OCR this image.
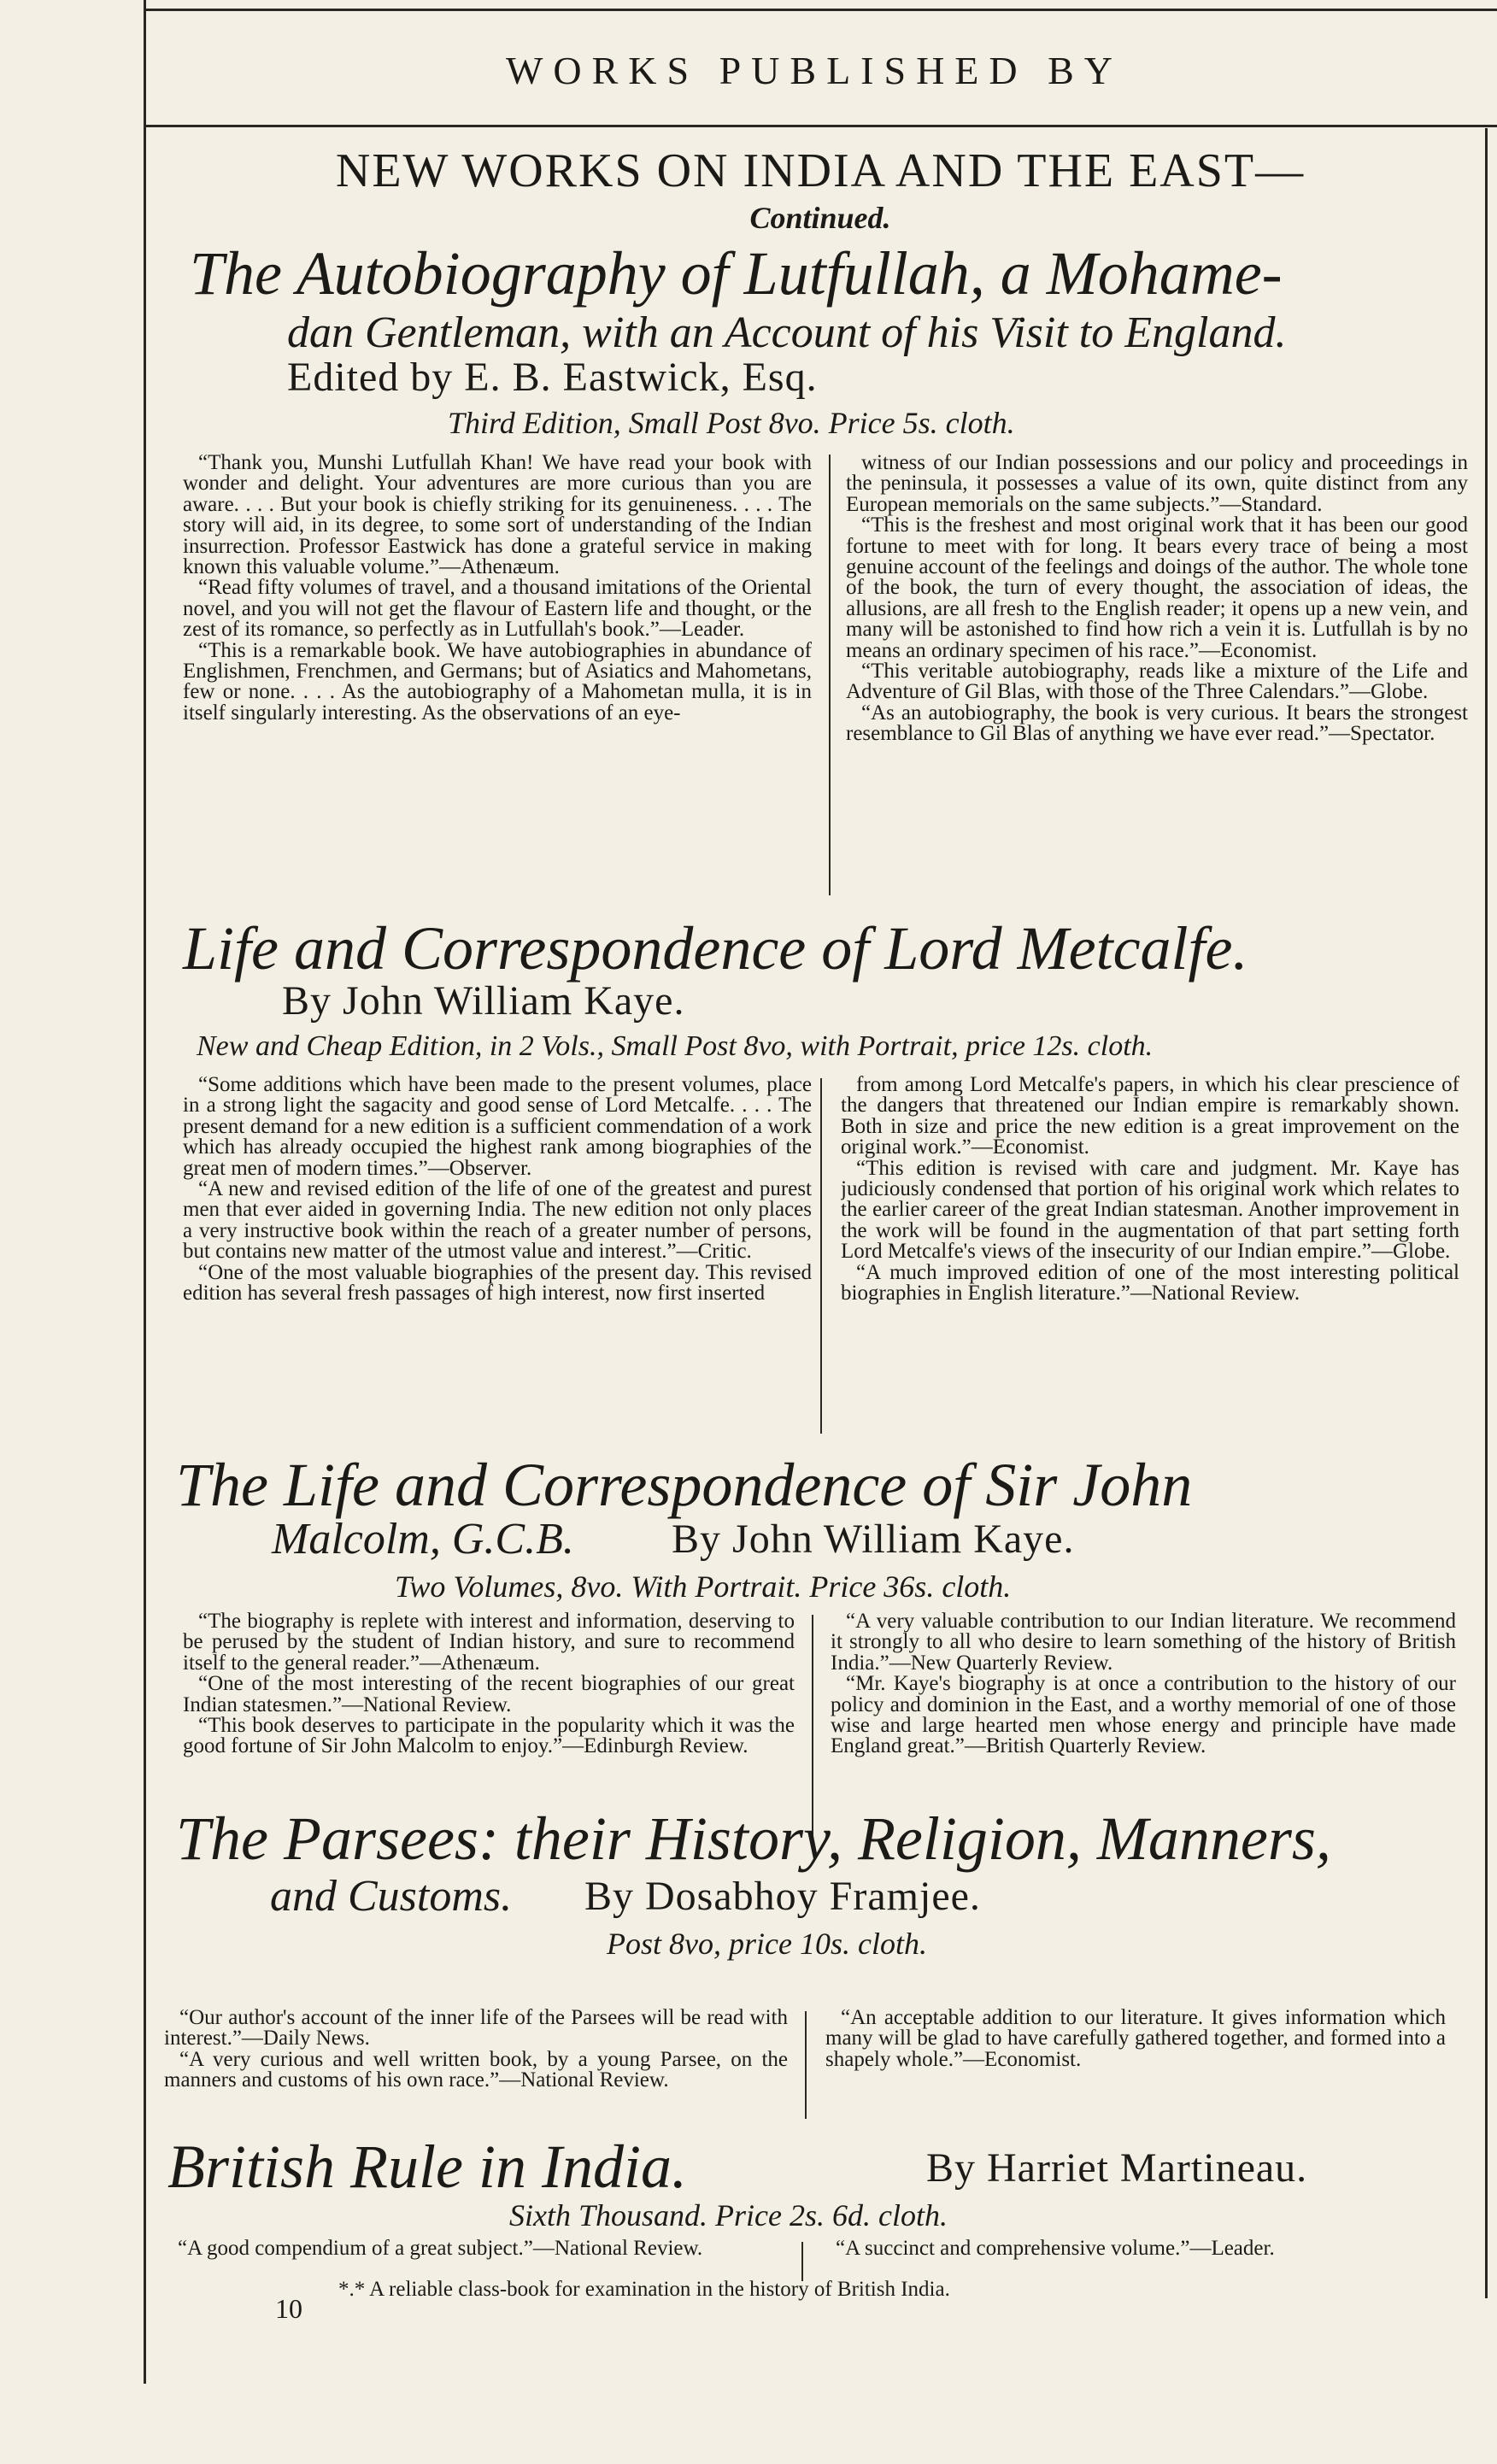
WORKS PUBLISHED BY
NEW WORKS ON INDIA AND THE EAST—
Continued.
The Autobiography of Lutfullah, a Mohame-
dan Gentleman, with an Account of his Visit to England.
Edited by E. B. Eastwick, Esq.
Third Edition, Small Post 8vo. Price 5s. cloth.

“Thank you, Munshi Lutfullah Khan! We have read your book with wonder and delight. Your adventures are more curious than you are aware. . . . But your book is chiefly striking for its genuineness. . . . The story will aid, in its degree, to some sort of understanding of the Indian insurrection. Professor Eastwick has done a grateful service in making known this valuable volume.”—Athenæum.

“Read fifty volumes of travel, and a thousand imitations of the Oriental novel, and you will not get the flavour of Eastern life and thought, or the zest of its romance, so perfectly as in Lutfullah's book.”—Leader.

“This is a remarkable book. We have autobiographies in abundance of Englishmen, Frenchmen, and Germans; but of Asiatics and Mahometans, few or none. . . . As the autobiography of a Mahometan mulla, it is in itself singularly interesting. As the observations of an eye-

witness of our Indian possessions and our policy and proceedings in the peninsula, it possesses a value of its own, quite distinct from any European memorials on the same subjects.”—Standard.

“This is the freshest and most original work that it has been our good fortune to meet with for long. It bears every trace of being a most genuine account of the feelings and doings of the author. The whole tone of the book, the turn of every thought, the association of ideas, the allusions, are all fresh to the English reader; it opens up a new vein, and many will be astonished to find how rich a vein it is. Lutfullah is by no means an ordinary specimen of his race.”—Economist.

“This veritable autobiography, reads like a mixture of the Life and Adventure of Gil Blas, with those of the Three Calendars.”—Globe.

“As an autobiography, the book is very curious. It bears the strongest resemblance to Gil Blas of anything we have ever read.”—Spectator.

Life and Correspondence of Lord Metcalfe.
By John William Kaye.
New and Cheap Edition, in 2 Vols., Small Post 8vo, with Portrait, price 12s. cloth.

“Some additions which have been made to the present volumes, place in a strong light the sagacity and good sense of Lord Metcalfe. . . . The present demand for a new edition is a sufficient commendation of a work which has already occupied the highest rank among biographies of the great men of modern times.”—Observer.

“A new and revised edition of the life of one of the greatest and purest men that ever aided in governing India. The new edition not only places a very instructive book within the reach of a greater number of persons, but contains new matter of the utmost value and interest.”—Critic.

“One of the most valuable biographies of the present day. This revised edition has several fresh passages of high interest, now first inserted

from among Lord Metcalfe's papers, in which his clear prescience of the dangers that threatened our Indian empire is remarkably shown. Both in size and price the new edition is a great improvement on the original work.”—Economist.

“This edition is revised with care and judgment. Mr. Kaye has judiciously condensed that portion of his original work which relates to the earlier career of the great Indian statesman. Another improvement in the work will be found in the augmentation of that part setting forth Lord Metcalfe's views of the insecurity of our Indian empire.”—Globe.

“A much improved edition of one of the most interesting political biographies in English literature.”—National Review.

The Life and Correspondence of Sir John
Malcolm, G.C.B. By John William Kaye.
Two Volumes, 8vo. With Portrait. Price 36s. cloth.

“The biography is replete with interest and information, deserving to be perused by the student of Indian history, and sure to recommend itself to the general reader.”—Athenæum.

“One of the most interesting of the recent biographies of our great Indian statesmen.”—National Review.

“This book deserves to participate in the popularity which it was the good fortune of Sir John Malcolm to enjoy.”—Edinburgh Review.

“A very valuable contribution to our Indian literature. We recommend it strongly to all who desire to learn something of the history of British India.”—New Quarterly Review.

“Mr. Kaye's biography is at once a contribution to the history of our policy and dominion in the East, and a worthy memorial of one of those wise and large hearted men whose energy and principle have made England great.”—British Quarterly Review.

The Parsees: their History, Religion, Manners,
and Customs. By Dosabhoy Framjee.
Post 8vo, price 10s. cloth.

“Our author's account of the inner life of the Parsees will be read with interest.”—Daily News.

“A very curious and well written book, by a young Parsee, on the manners and customs of his own race.”—National Review.

“An acceptable addition to our literature. It gives information which many will be glad to have carefully gathered together, and formed into a shapely whole.”—Economist.

British Rule in India.	By Harriet Martineau.
Sixth Thousand. Price 2s. 6d. cloth.

“A good compendium of a great subject.”—National Review.	“A succinct and comprehensive volume.”—Leader.

*.* A reliable class-book for examination in the history of British India.
10
